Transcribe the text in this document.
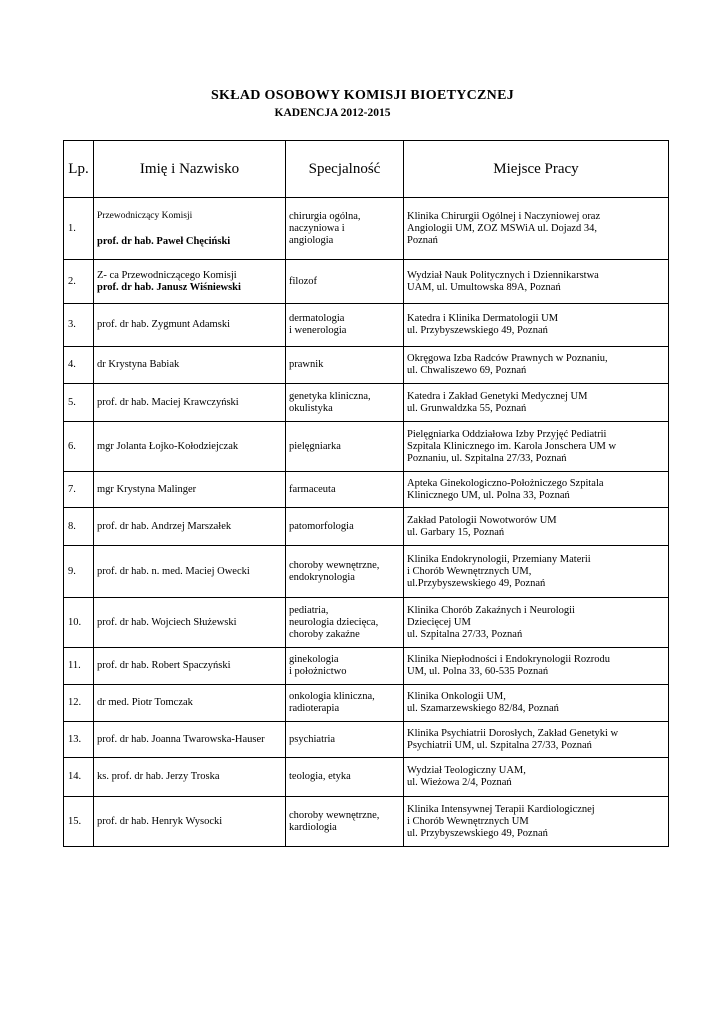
SKŁAD OSOBOWY KOMISJI BIOETYCZNEJ
KADENCJA 2012-2015
Lp.	Imię i Nazwisko	Specjalność	Miejsce Pracy
1.	Przewodniczący Komisji
prof. dr hab. Paweł Chęciński	chirurgia ogólna,
naczyniowa i
angiologia	Klinika Chirurgii Ogólnej i Naczyniowej oraz
Angiologii UM, ZOZ MSWiA ul. Dojazd 34,
Poznań

2.	Z- ca Przewodniczącego Komisji
prof. dr hab. Janusz Wiśniewski	filozof	Wydział Nauk Politycznych i Dziennikarstwa
UAM, ul. Umultowska 89A, Poznań

3.	prof. dr hab. Zygmunt Adamski	dermatologia
i wenerologia	Katedra i Klinika Dermatologii UM
ul. Przybyszewskiego 49, Poznań

4.	dr Krystyna Babiak	prawnik	Okręgowa Izba Radców Prawnych w Poznaniu,
ul. Chwaliszewo 69, Poznań

5.	prof. dr hab. Maciej Krawczyński	genetyka kliniczna,
okulistyka	Katedra i Zakład Genetyki Medycznej UM
ul. Grunwaldzka 55, Poznań

6.	mgr Jolanta Łojko-Kołodziejczak	pielęgniarka	Pielęgniarka Oddziałowa Izby Przyjęć Pediatrii
Szpitala Klinicznego im. Karola Jonschera UM w
Poznaniu, ul. Szpitalna 27/33, Poznań

7.	mgr Krystyna Malinger	farmaceuta	Apteka Ginekologiczno-Położniczego Szpitala
Klinicznego UM, ul. Polna 33, Poznań

8.	prof. dr hab. Andrzej Marszałek	patomorfologia	Zakład Patologii Nowotworów UM
ul. Garbary 15, Poznań

9.	prof. dr hab. n. med. Maciej Owecki	choroby wewnętrzne,
endokrynologia	Klinika Endokrynologii, Przemiany Materii
i Chorób Wewnętrznych UM,
ul.Przybyszewskiego 49, Poznań

10.	prof. dr hab. Wojciech Służewski	pediatria,
neurologia dziecięca,
choroby zakaźne	Klinika Chorób Zakaźnych i Neurologii
Dziecięcej UM
ul. Szpitalna 27/33, Poznań

11.	prof. dr hab. Robert Spaczyński	ginekologia
i położnictwo	Klinika Niepłodności i Endokrynologii Rozrodu
UM, ul. Polna 33, 60-535 Poznań

12.	dr med. Piotr Tomczak	onkologia kliniczna,
radioterapia	Klinika Onkologii UM,
ul. Szamarzewskiego 82/84, Poznań

13.	prof. dr hab. Joanna Twarowska-Hauser	psychiatria	Klinika Psychiatrii Dorosłych, Zakład Genetyki w
Psychiatrii UM, ul. Szpitalna 27/33, Poznań

14.	ks. prof. dr hab. Jerzy Troska	teologia, etyka	Wydział Teologiczny UAM,
ul. Wieżowa 2/4, Poznań

15.	prof. dr hab. Henryk Wysocki	choroby wewnętrzne,
kardiologia	Klinika Intensywnej Terapii Kardiologicznej
i Chorób Wewnętrznych UM
ul. Przybyszewskiego 49, Poznań
